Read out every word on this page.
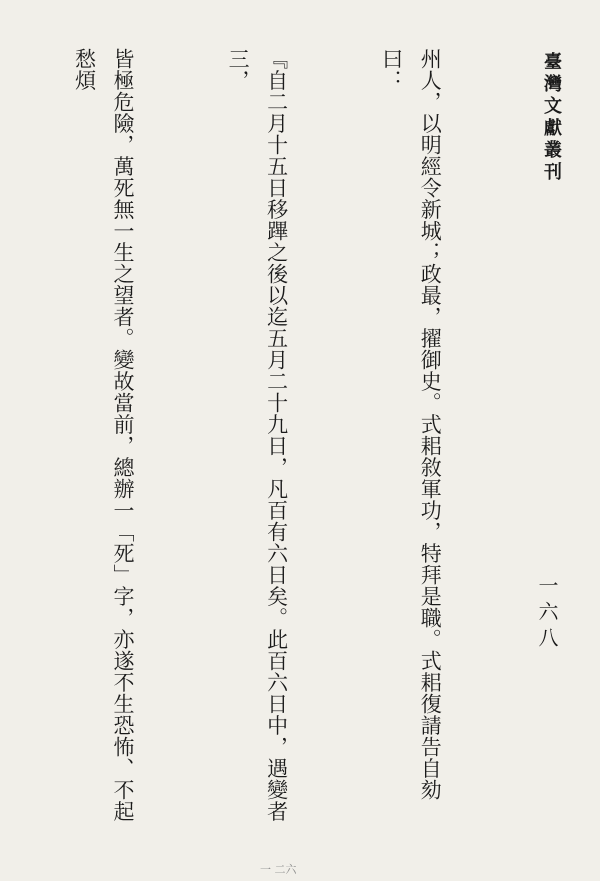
臺灣文獻叢刊
一六八

州人，以明經令新城；政最，擢御史。式耜敘軍功，特拜是職。式耜復請告自劾曰：

『自二月十五日移蹕之後以迄五月二十九日，凡百有六日矣。此百六日中，遇變者三，

皆極危險，萬死無一生之望者。變故當前，總辦一「死」字，亦遂不生恐怖、不起愁煩

一 二六
